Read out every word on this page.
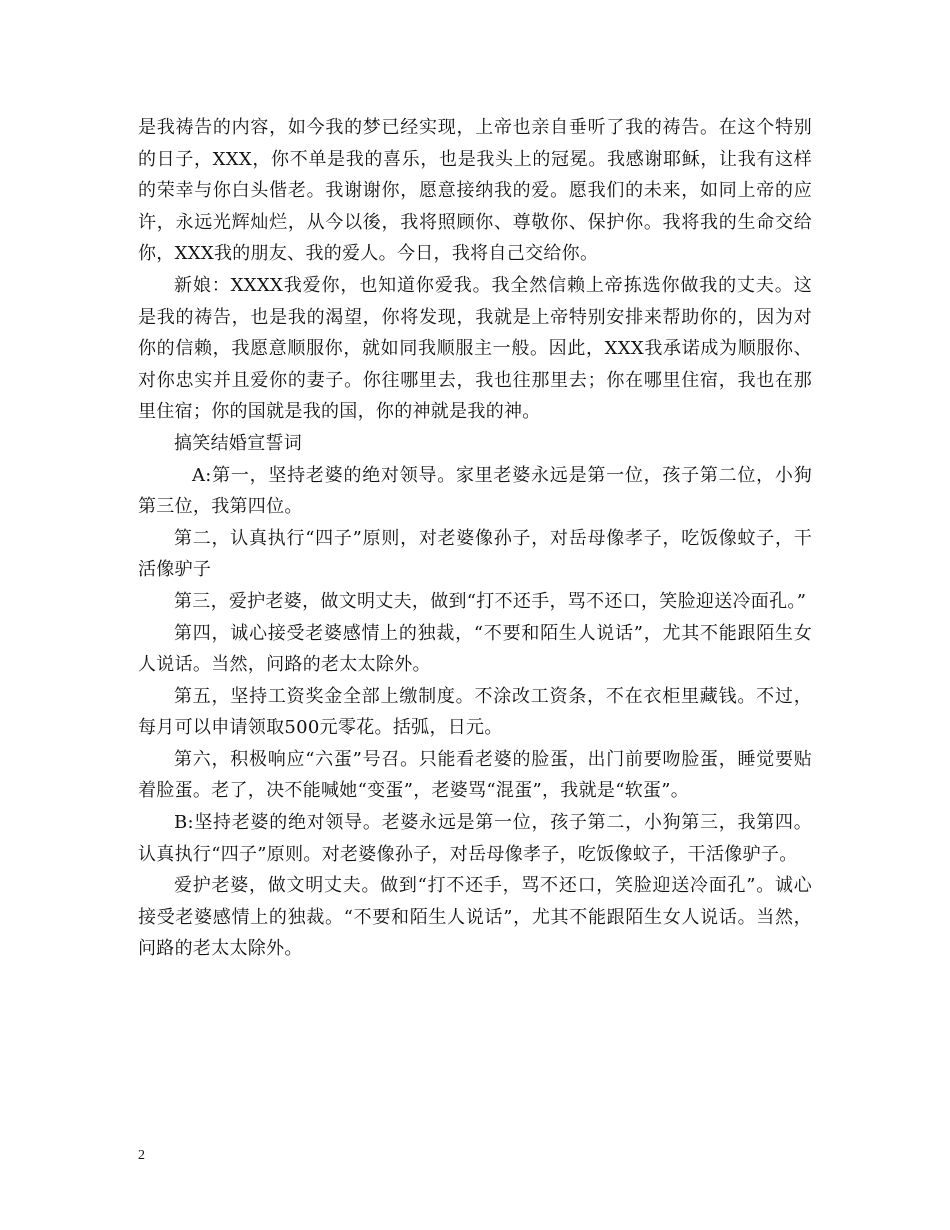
是我祷告的内容，如今我的梦已经实现，上帝也亲自垂听了我的祷告。在这个特别的日子，XXX，你不单是我的喜乐，也是我头上的冠冕。我感谢耶稣，让我有这样的荣幸与你白头偕老。我谢谢你，愿意接纳我的爱。愿我们的未来，如同上帝的应许，永远光辉灿烂，从今以後，我将照顾你、尊敬你、保护你。我将我的生命交给你，XXX我的朋友、我的爱人。今日，我将自己交给你。

新娘：XXXX我爱你，也知道你爱我。我全然信赖上帝拣选你做我的丈夫。这是我的祷告，也是我的渴望，你将发现，我就是上帝特别安排来帮助你的，因为对你的信赖，我愿意顺服你，就如同我顺服主一般。因此，XXX我承诺成为顺服你、对你忠实并且爱你的妻子。你往哪里去，我也往那里去；你在哪里住宿，我也在那里住宿；你的国就是我的国，你的神就是我的神。

搞笑结婚宣誓词

A:第一，坚持老婆的绝对领导。家里老婆永远是第一位，孩子第二位，小狗第三位，我第四位。

第二，认真执行“四子”原则，对老婆像孙子，对岳母像孝子，吃饭像蚊子，干活像驴子

第三，爱护老婆，做文明丈夫，做到“打不还手，骂不还口，笑脸迎送冷面孔。”

第四，诚心接受老婆感情上的独裁，“不要和陌生人说话”，尤其不能跟陌生女人说话。当然，问路的老太太除外。

第五，坚持工资奖金全部上缴制度。不涂改工资条，不在衣柜里藏钱。不过，每月可以申请领取500元零花。括弧，日元。

第六，积极响应“六蛋”号召。只能看老婆的脸蛋，出门前要吻脸蛋，睡觉要贴着脸蛋。老了，决不能喊她“变蛋”，老婆骂“混蛋”，我就是“软蛋”。

B:坚持老婆的绝对领导。老婆永远是第一位，孩子第二，小狗第三，我第四。认真执行“四子”原则。对老婆像孙子，对岳母像孝子，吃饭像蚊子，干活像驴子。

爱护老婆，做文明丈夫。做到“打不还手，骂不还口，笑脸迎送冷面孔”。诚心接受老婆感情上的独裁。“不要和陌生人说话”，尤其不能跟陌生女人说话。当然，问路的老太太除外。

2
